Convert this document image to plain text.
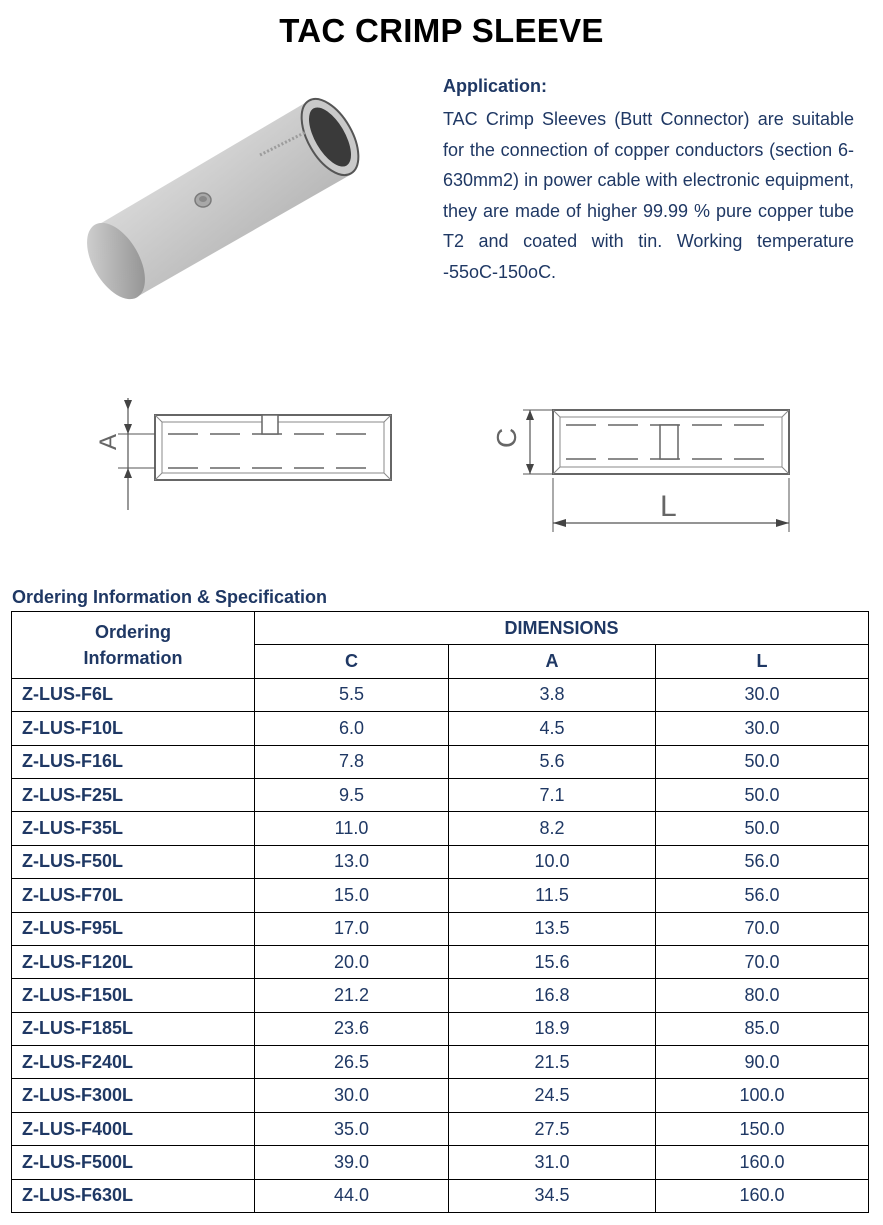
TAC CRIMP SLEEVE
Application:
TAC Crimp Sleeves (Butt Connector) are suitable for the connection of copper conductors (section 6-630mm2) in power cable with electronic equipment, they are made of higher 99.99 % pure copper tube T2 and coated with tin. Working temperature -55oC-150oC.
A	C
L
Ordering Information & Specification
Ordering
Information	DIMENSIONS		
	C	A	L
Z-LUS-F6L	5.5	3.8	30.0
Z-LUS-F10L	6.0	4.5	30.0
Z-LUS-F16L	7.8	5.6	50.0
Z-LUS-F25L	9.5	7.1	50.0
Z-LUS-F35L	11.0	8.2	50.0
Z-LUS-F50L	13.0	10.0	56.0
Z-LUS-F70L	15.0	11.5	56.0
Z-LUS-F95L	17.0	13.5	70.0
Z-LUS-F120L	20.0	15.6	70.0
Z-LUS-F150L	21.2	16.8	80.0
Z-LUS-F185L	23.6	18.9	85.0
Z-LUS-F240L	26.5	21.5	90.0
Z-LUS-F300L	30.0	24.5	100.0
Z-LUS-F400L	35.0	27.5	150.0
Z-LUS-F500L	39.0	31.0	160.0
Z-LUS-F630L	44.0	34.5	160.0
